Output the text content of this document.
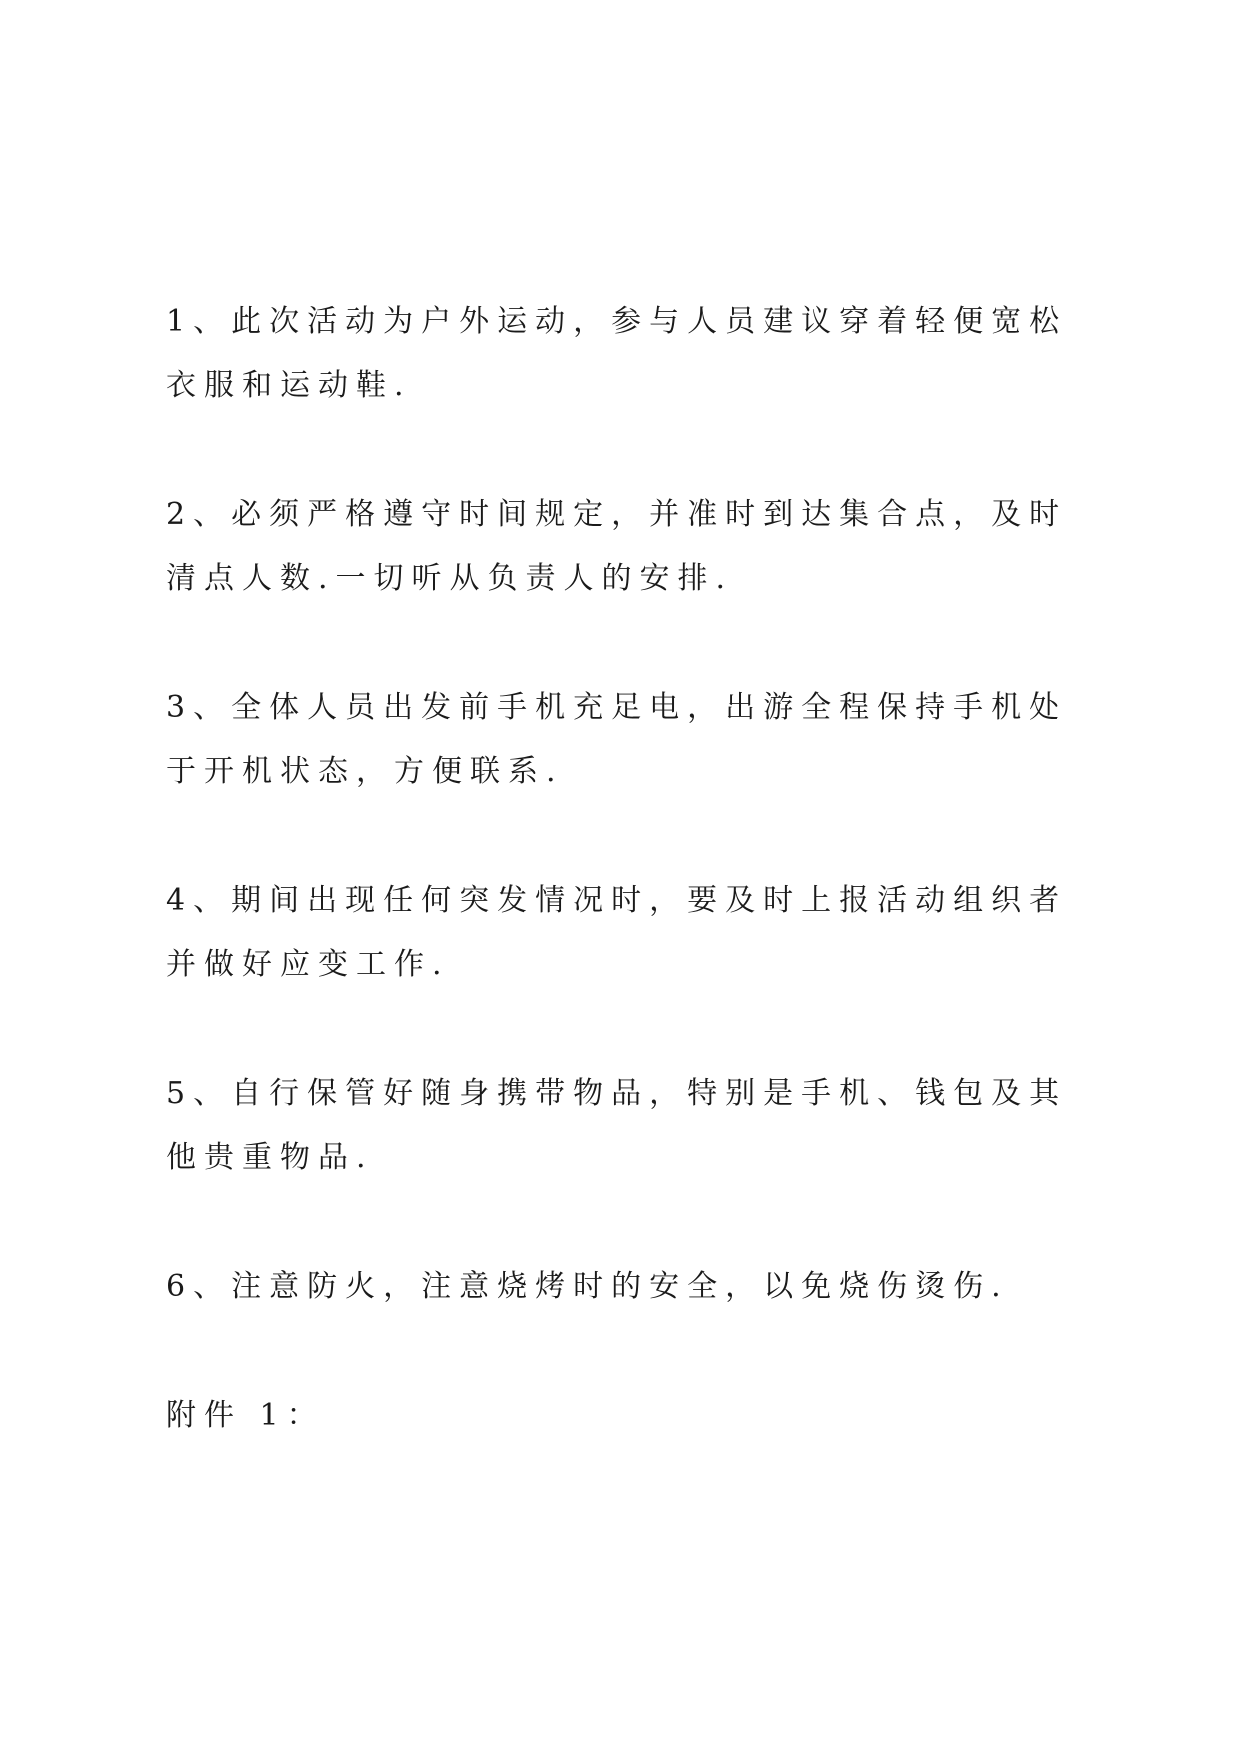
1、此次活动为户外运动，参与人员建议穿着轻便宽松衣服和运动鞋.

2、必须严格遵守时间规定，并准时到达集合点，及时清点人数.一切听从负责人的安排.

3、全体人员出发前手机充足电，出游全程保持手机处于开机状态，方便联系.

4、期间出现任何突发情况时，要及时上报活动组织者并做好应变工作.

5、自行保管好随身携带物品，特别是手机、钱包及其他贵重物品.

6、注意防火，注意烧烤时的安全，以免烧伤烫伤.

附件 1：
